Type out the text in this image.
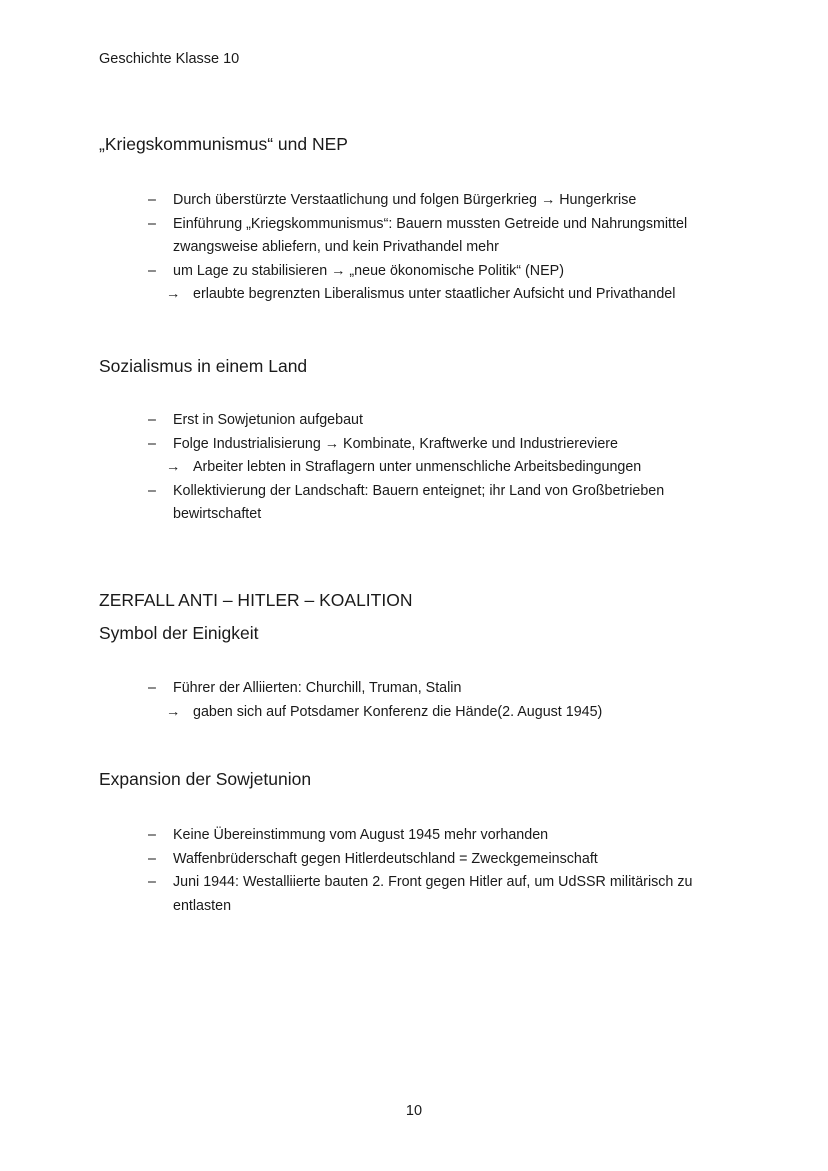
Geschichte Klasse 10
„Kriegskommunismus“ und NEP
– Durch überstürzte Verstaatlichung und folgen Bürgerkrieg → Hungerkrise
– Einführung „Kriegskommunismus“: Bauern mussten Getreide und Nahrungsmittel zwangsweise abliefern, und kein Privathandel mehr
– um Lage zu stabilisieren → „neue ökonomische Politik“ (NEP)
→ erlaubte begrenzten Liberalismus unter staatlicher Aufsicht und Privathandel
Sozialismus in einem Land
– Erst in Sowjetunion aufgebaut
– Folge Industrialisierung → Kombinate, Kraftwerke und Industriereviere
→ Arbeiter lebten in Straflagern unter unmenschliche Arbeitsbedingungen
– Kollektivierung der Landschaft: Bauern enteignet; ihr Land von Großbetrieben bewirtschaftet
ZERFALL ANTI – HITLER – KOALITION
Symbol der Einigkeit
– Führer der Alliierten: Churchill, Truman, Stalin
→ gaben sich auf Potsdamer Konferenz die Hände(2. August 1945)
Expansion der Sowjetunion
– Keine Übereinstimmung vom August 1945 mehr vorhanden
– Waffenbrüderschaft gegen Hitlerdeutschland = Zweckgemeinschaft
– Juni 1944: Westalliierte bauten 2. Front gegen Hitler auf, um UdSSR militärisch zu entlasten
10
